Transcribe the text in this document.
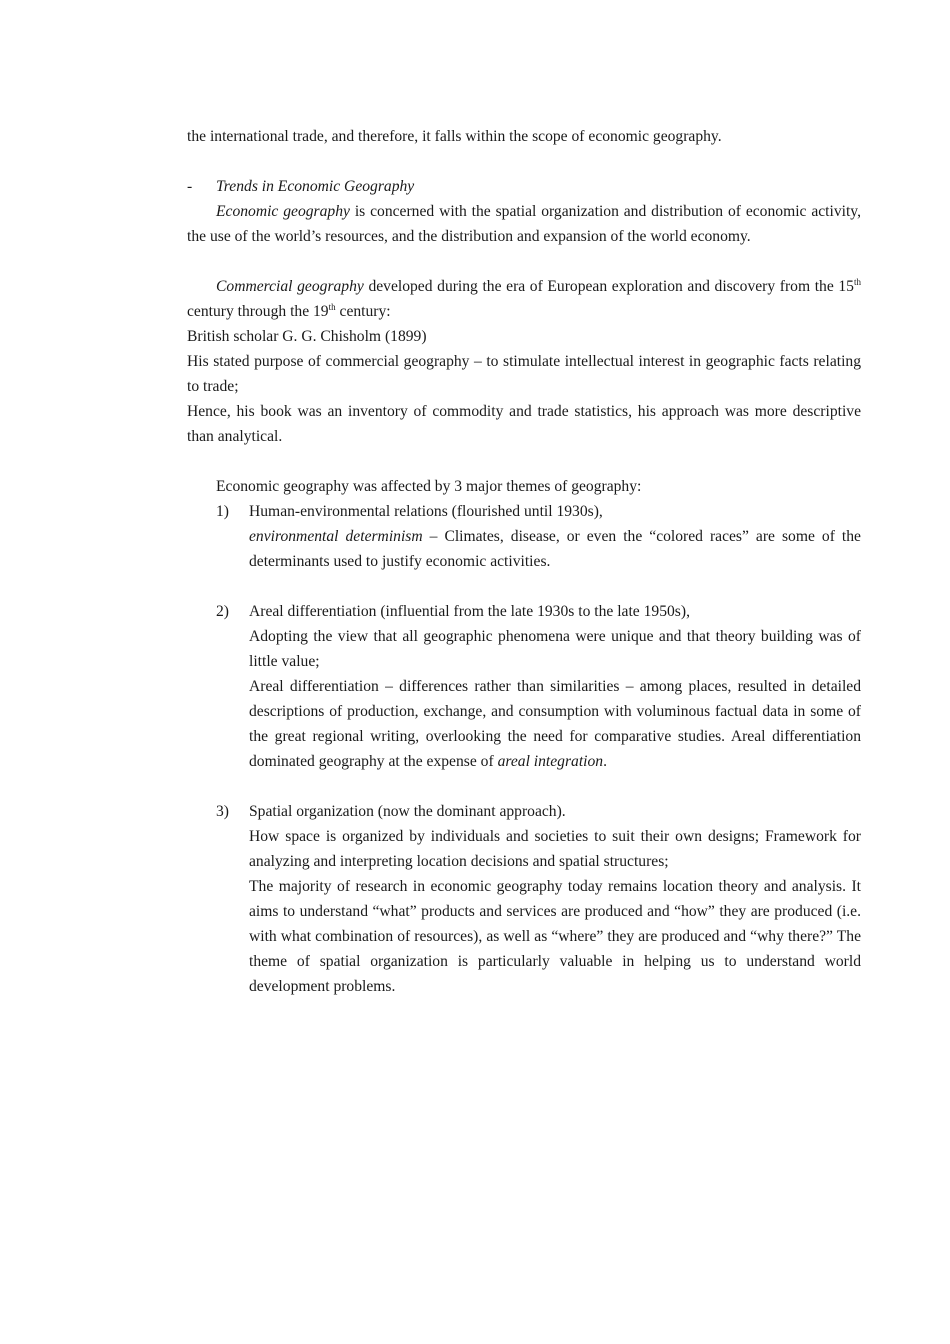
the international trade, and therefore, it falls within the scope of economic geography.

-	Trends in Economic Geography

Economic geography is concerned with the spatial organization and distribution of economic activity, the use of the world’s resources, and the distribution and expansion of the world economy.

Commercial geography developed during the era of European exploration and discovery from the 15th century through the 19th century:

British scholar G. G. Chisholm (1899)

His stated purpose of commercial geography – to stimulate intellectual interest in geographic facts relating to trade;

Hence, his book was an inventory of commodity and trade statistics, his approach was more descriptive than analytical.

Economic geography was affected by 3 major themes of geography:

1)	Human-environmental relations (flourished until 1930s),

environmental determinism – Climates, disease, or even the “colored races” are some of the determinants used to justify economic activities.

2)	Areal differentiation (influential from the late 1930s to the late 1950s),

Adopting the view that all geographic phenomena were unique and that theory building was of little value;

Areal differentiation – differences rather than similarities – among places, resulted in detailed descriptions of production, exchange, and consumption with voluminous factual data in some of the great regional writing, overlooking the need for comparative studies. Areal differentiation dominated geography at the expense of areal integration.

3)	Spatial organization (now the dominant approach).

How space is organized by individuals and societies to suit their own designs; Framework for analyzing and interpreting location decisions and spatial structures;

The majority of research in economic geography today remains location theory and analysis. It aims to understand “what” products and services are produced and “how” they are produced (i.e. with what combination of resources), as well as “where” they are produced and “why there?” The theme of spatial organization is particularly valuable in helping us to understand world development problems.
